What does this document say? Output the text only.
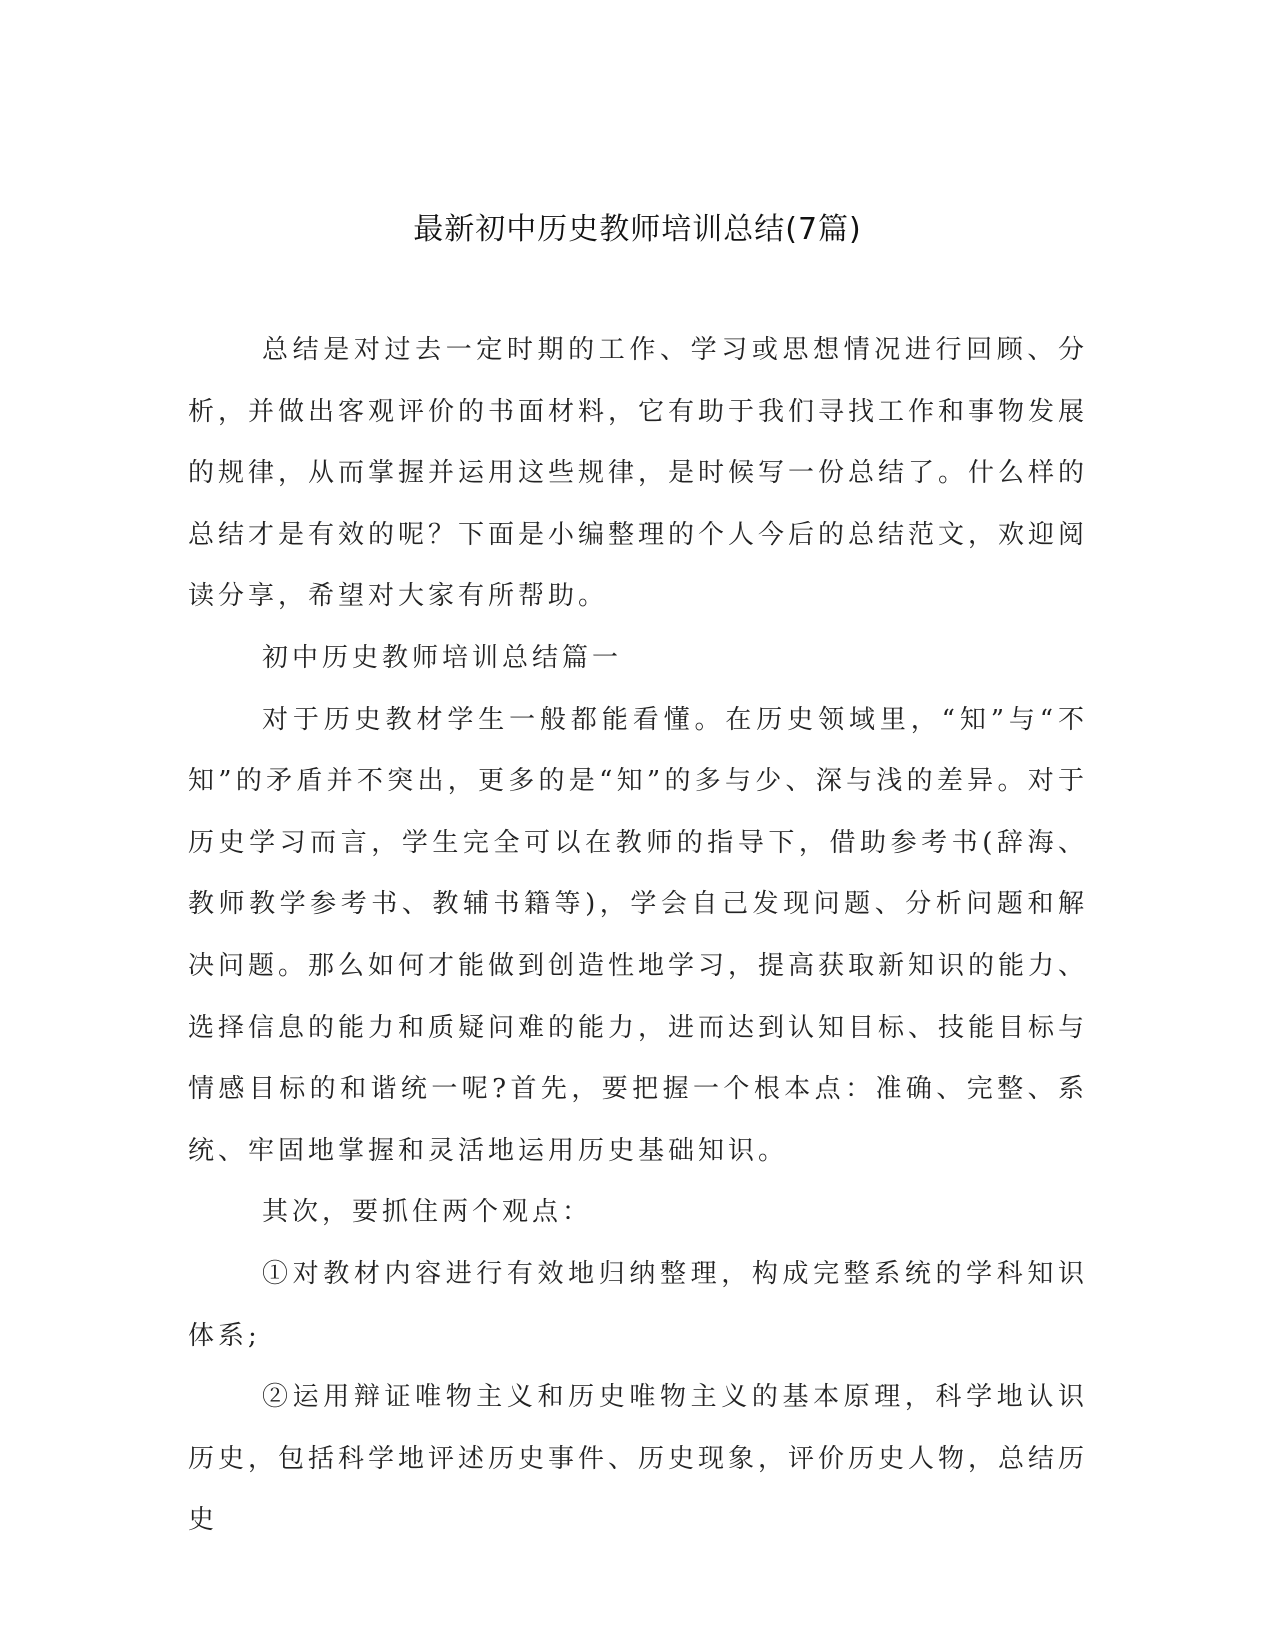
最新初中历史教师培训总结(7篇)

总结是对过去一定时期的工作、学习或思想情况进行回顾、分析，并做出客观评价的书面材料，它有助于我们寻找工作和事物发展的规律，从而掌握并运用这些规律，是时候写一份总结了。什么样的总结才是有效的呢？下面是小编整理的个人今后的总结范文，欢迎阅读分享，希望对大家有所帮助。

初中历史教师培训总结篇一

对于历史教材学生一般都能看懂。在历史领域里，“知”与“不知”的矛盾并不突出，更多的是“知”的多与少、深与浅的差异。对于历史学习而言，学生完全可以在教师的指导下，借助参考书(辞海、教师教学参考书、教辅书籍等)，学会自己发现问题、分析问题和解决问题。那么如何才能做到创造性地学习，提高获取新知识的能力、选择信息的能力和质疑问难的能力，进而达到认知目标、技能目标与情感目标的和谐统一呢?首先，要把握一个根本点：准确、完整、系统、牢固地掌握和灵活地运用历史基础知识。

其次，要抓住两个观点：

①对教材内容进行有效地归纳整理，构成完整系统的学科知识体系;

②运用辩证唯物主义和历史唯物主义的基本原理，科学地认识历史，包括科学地评述历史事件、历史现象，评价历史人物，总结历史
